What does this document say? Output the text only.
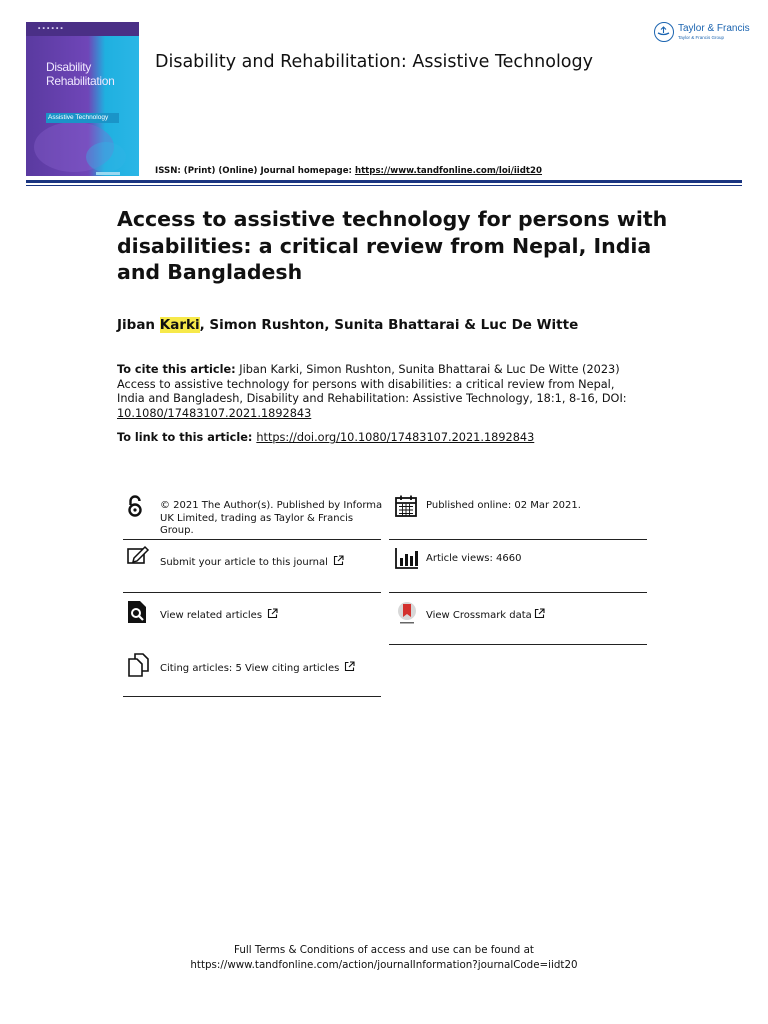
▪ ▪ ▪ ▪ ▪ ▪
Disability
Rehabilitation
Assistive Technology
Disability and Rehabilitation: Assistive Technology
Taylor & Francis
Taylor & Francis Group
ISSN: (Print) (Online) Journal homepage: https://www.tandfonline.com/loi/iidt20
Access to assistive technology for persons with disabilities: a critical review from Nepal, India and Bangladesh
Jiban Karki, Simon Rushton, Sunita Bhattarai & Luc De Witte
To cite this article: Jiban Karki, Simon Rushton, Sunita Bhattarai & Luc De Witte (2023) Access to assistive technology for persons with disabilities: a critical review from Nepal, India and Bangladesh, Disability and Rehabilitation: Assistive Technology, 18:1, 8-16, DOI: 10.1080/17483107.2021.1892843
To link to this article: https://doi.org/10.1080/17483107.2021.1892843
© 2021 The Author(s). Published by Informa UK Limited, trading as Taylor & Francis Group.
Submit your article to this journal
View related articles
Citing articles: 5 View citing articles
Published online: 02 Mar 2021.
Article views: 4660
View Crossmark data
Full Terms & Conditions of access and use can be found at
https://www.tandfonline.com/action/journalInformation?journalCode=iidt20
